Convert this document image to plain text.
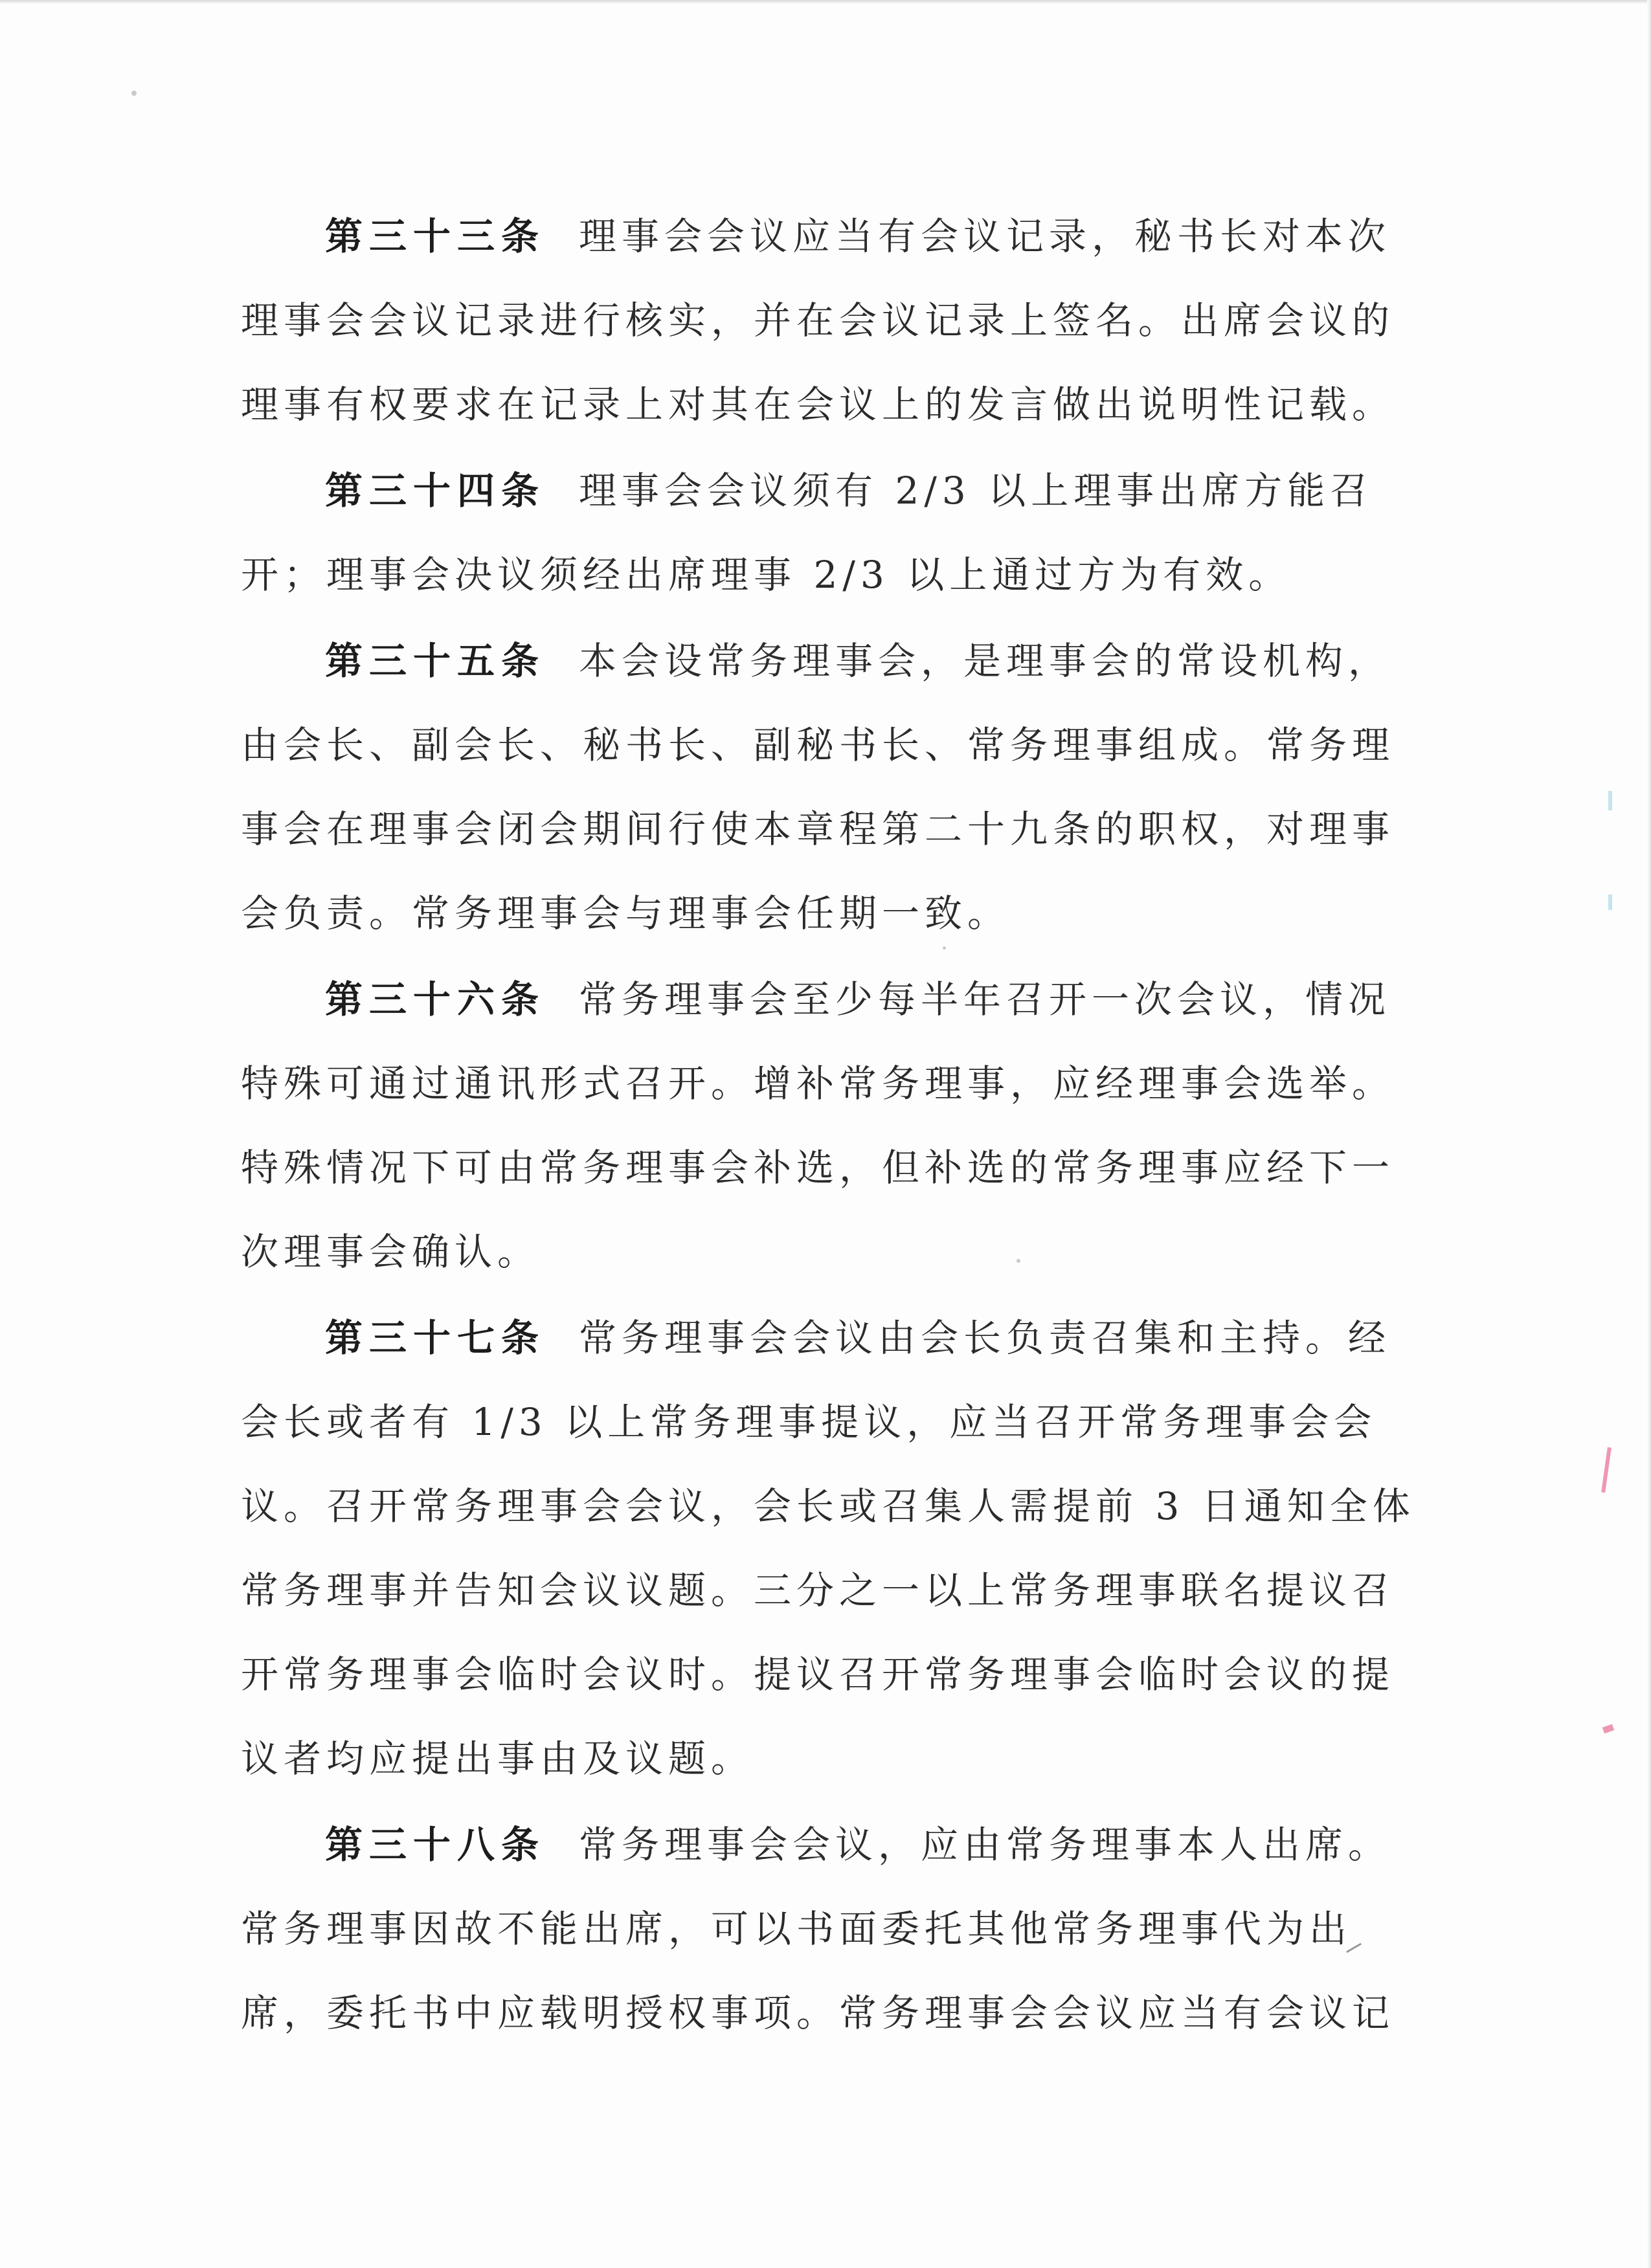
第三十三条 理事会会议应当有会议记录，秘书长对本次
理事会会议记录进行核实，并在会议记录上签名。出席会议的
理事有权要求在记录上对其在会议上的发言做出说明性记载。
第三十四条 理事会会议须有 2/3 以上理事出席方能召
开；理事会决议须经出席理事 2/3 以上通过方为有效。
第三十五条 本会设常务理事会，是理事会的常设机构，
由会长、副会长、秘书长、副秘书长、常务理事组成。常务理
事会在理事会闭会期间行使本章程第二十九条的职权，对理事
会负责。常务理事会与理事会任期一致。
第三十六条 常务理事会至少每半年召开一次会议，情况
特殊可通过通讯形式召开。增补常务理事，应经理事会选举。
特殊情况下可由常务理事会补选，但补选的常务理事应经下一
次理事会确认。
第三十七条 常务理事会会议由会长负责召集和主持。经
会长或者有 1/3 以上常务理事提议，应当召开常务理事会会
议。召开常务理事会会议，会长或召集人需提前 3 日通知全体
常务理事并告知会议议题。三分之一以上常务理事联名提议召
开常务理事会临时会议时。提议召开常务理事会临时会议的提
议者均应提出事由及议题。
第三十八条 常务理事会会议，应由常务理事本人出席。
常务理事因故不能出席，可以书面委托其他常务理事代为出
席，委托书中应载明授权事项。常务理事会会议应当有会议记
